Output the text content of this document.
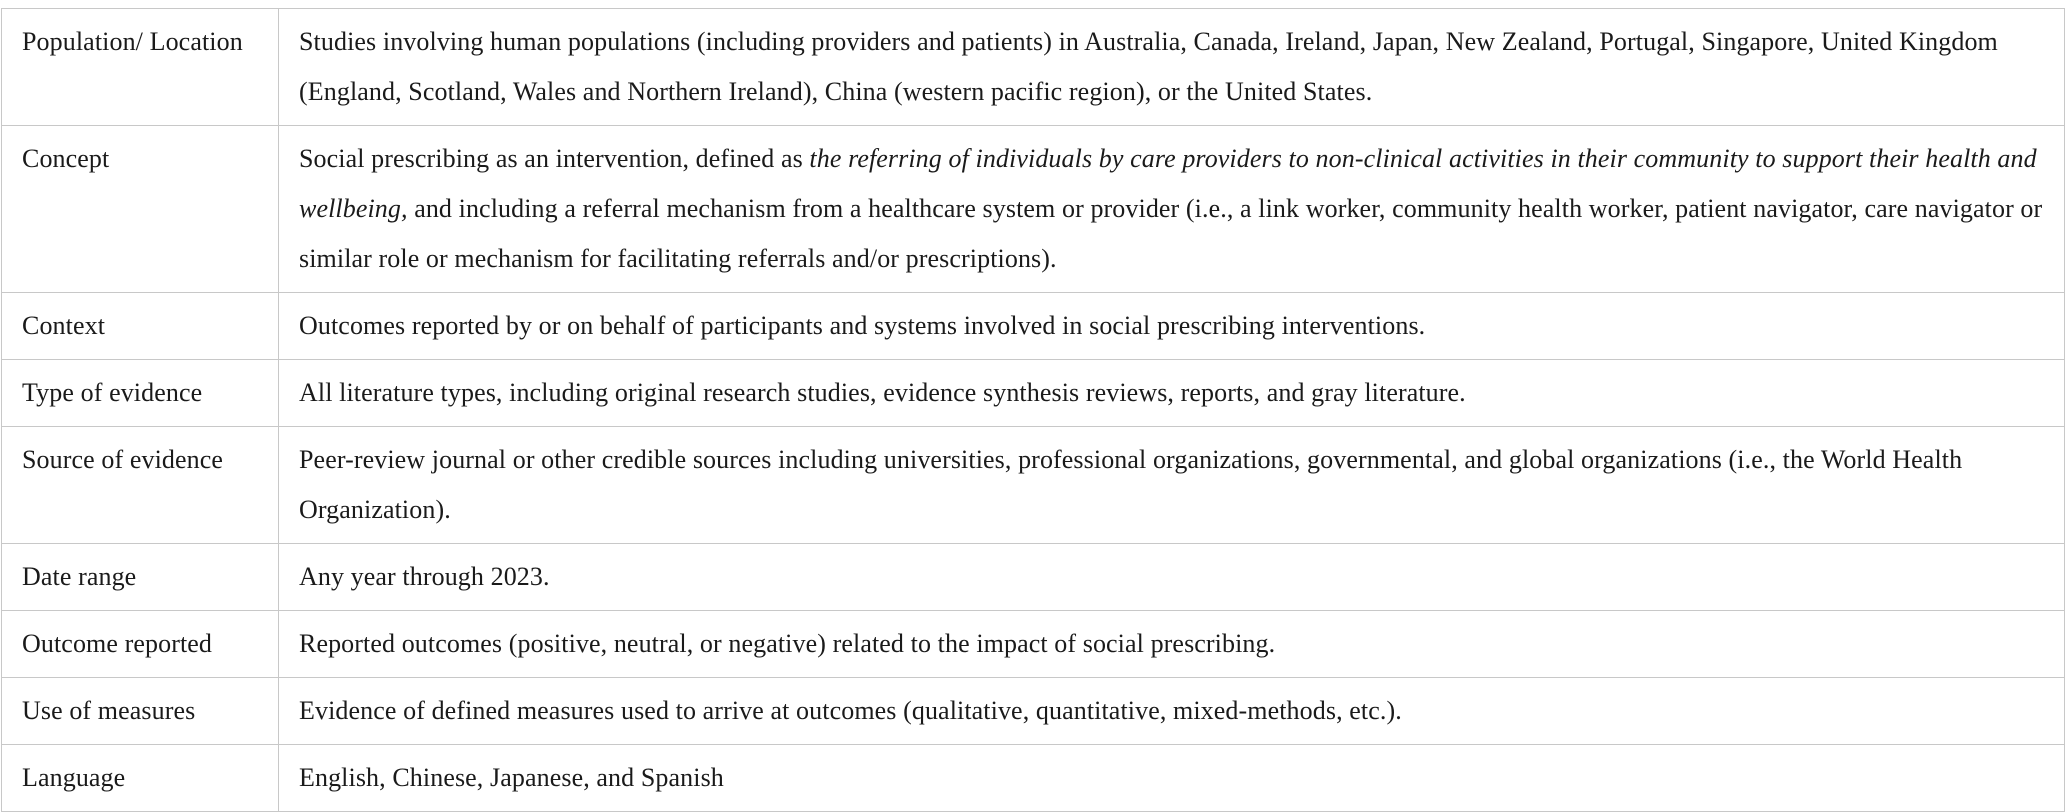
Population/ Location	Studies involving human populations (including providers and patients) in Australia, Canada, Ireland, Japan, New Zealand, Portugal, Singapore, United Kingdom (England, Scotland, Wales and Northern Ireland), China (western pacific region), or the United States.
Concept	Social prescribing as an intervention, defined as the referring of individuals by care providers to non-clinical activities in their community to support their health and wellbeing, and including a referral mechanism from a healthcare system or provider (i.e., a link worker, community health worker, patient navigator, care navigator or similar role or mechanism for facilitating referrals and/or prescriptions).
Context	Outcomes reported by or on behalf of participants and systems involved in social prescribing interventions.
Type of evidence	All literature types, including original research studies, evidence synthesis reviews, reports, and gray literature.
Source of evidence	Peer-review journal or other credible sources including universities, professional organizations, governmental, and global organizations (i.e., the World Health Organization).
Date range	Any year through 2023.
Outcome reported	Reported outcomes (positive, neutral, or negative) related to the impact of social prescribing.
Use of measures	Evidence of defined measures used to arrive at outcomes (qualitative, quantitative, mixed-methods, etc.).
Language	English, Chinese, Japanese, and Spanish
